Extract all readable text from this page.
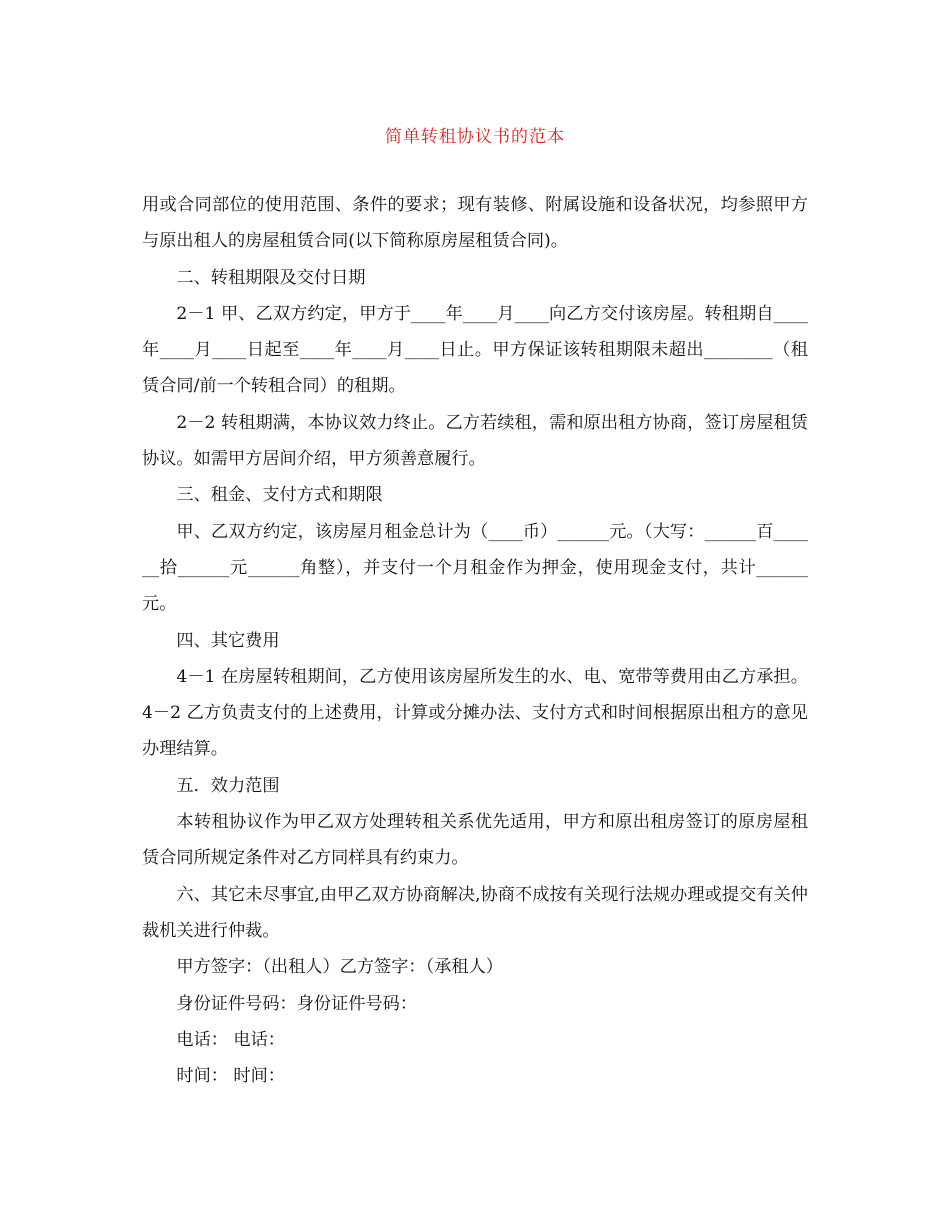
简单转租协议书的范本

用或合同部位的使用范围、条件的要求；现有装修、附属设施和设备状况，均参照甲方与原出租人的房屋租赁合同(以下简称原房屋租赁合同)。

二、转租期限及交付日期

2－1 甲、乙双方约定，甲方于____年____月____向乙方交付该房屋。转租期自____年____月____日起至____年____月____日止。甲方保证该转租期限未超出________（租赁合同/前一个转租合同）的租期。

2－2 转租期满，本协议效力终止。乙方若续租，需和原出租方协商，签订房屋租赁协议。如需甲方居间介绍，甲方须善意履行。

三、租金、支付方式和期限

甲、乙双方约定，该房屋月租金总计为（____币）______元。（大写：______百______拾______元______角整），并支付一个月租金作为押金，使用现金支付，共计______元。

四、其它费用

4－1 在房屋转租期间，乙方使用该房屋所发生的水、电、宽带等费用由乙方承担。 4－2 乙方负责支付的上述费用，计算或分摊办法、支付方式和时间根据原出租方的意见办理结算。

五．效力范围

本转租协议作为甲乙双方处理转租关系优先适用，甲方和原出租房签订的原房屋租赁合同所规定条件对乙方同样具有约束力。

六、其它未尽事宜,由甲乙双方协商解决,协商不成按有关现行法规办理或提交有关仲裁机关进行仲裁。

甲方签字：（出租人）乙方签字：（承租人）

身份证件号码：身份证件号码：

电话： 电话：

时间： 时间：
